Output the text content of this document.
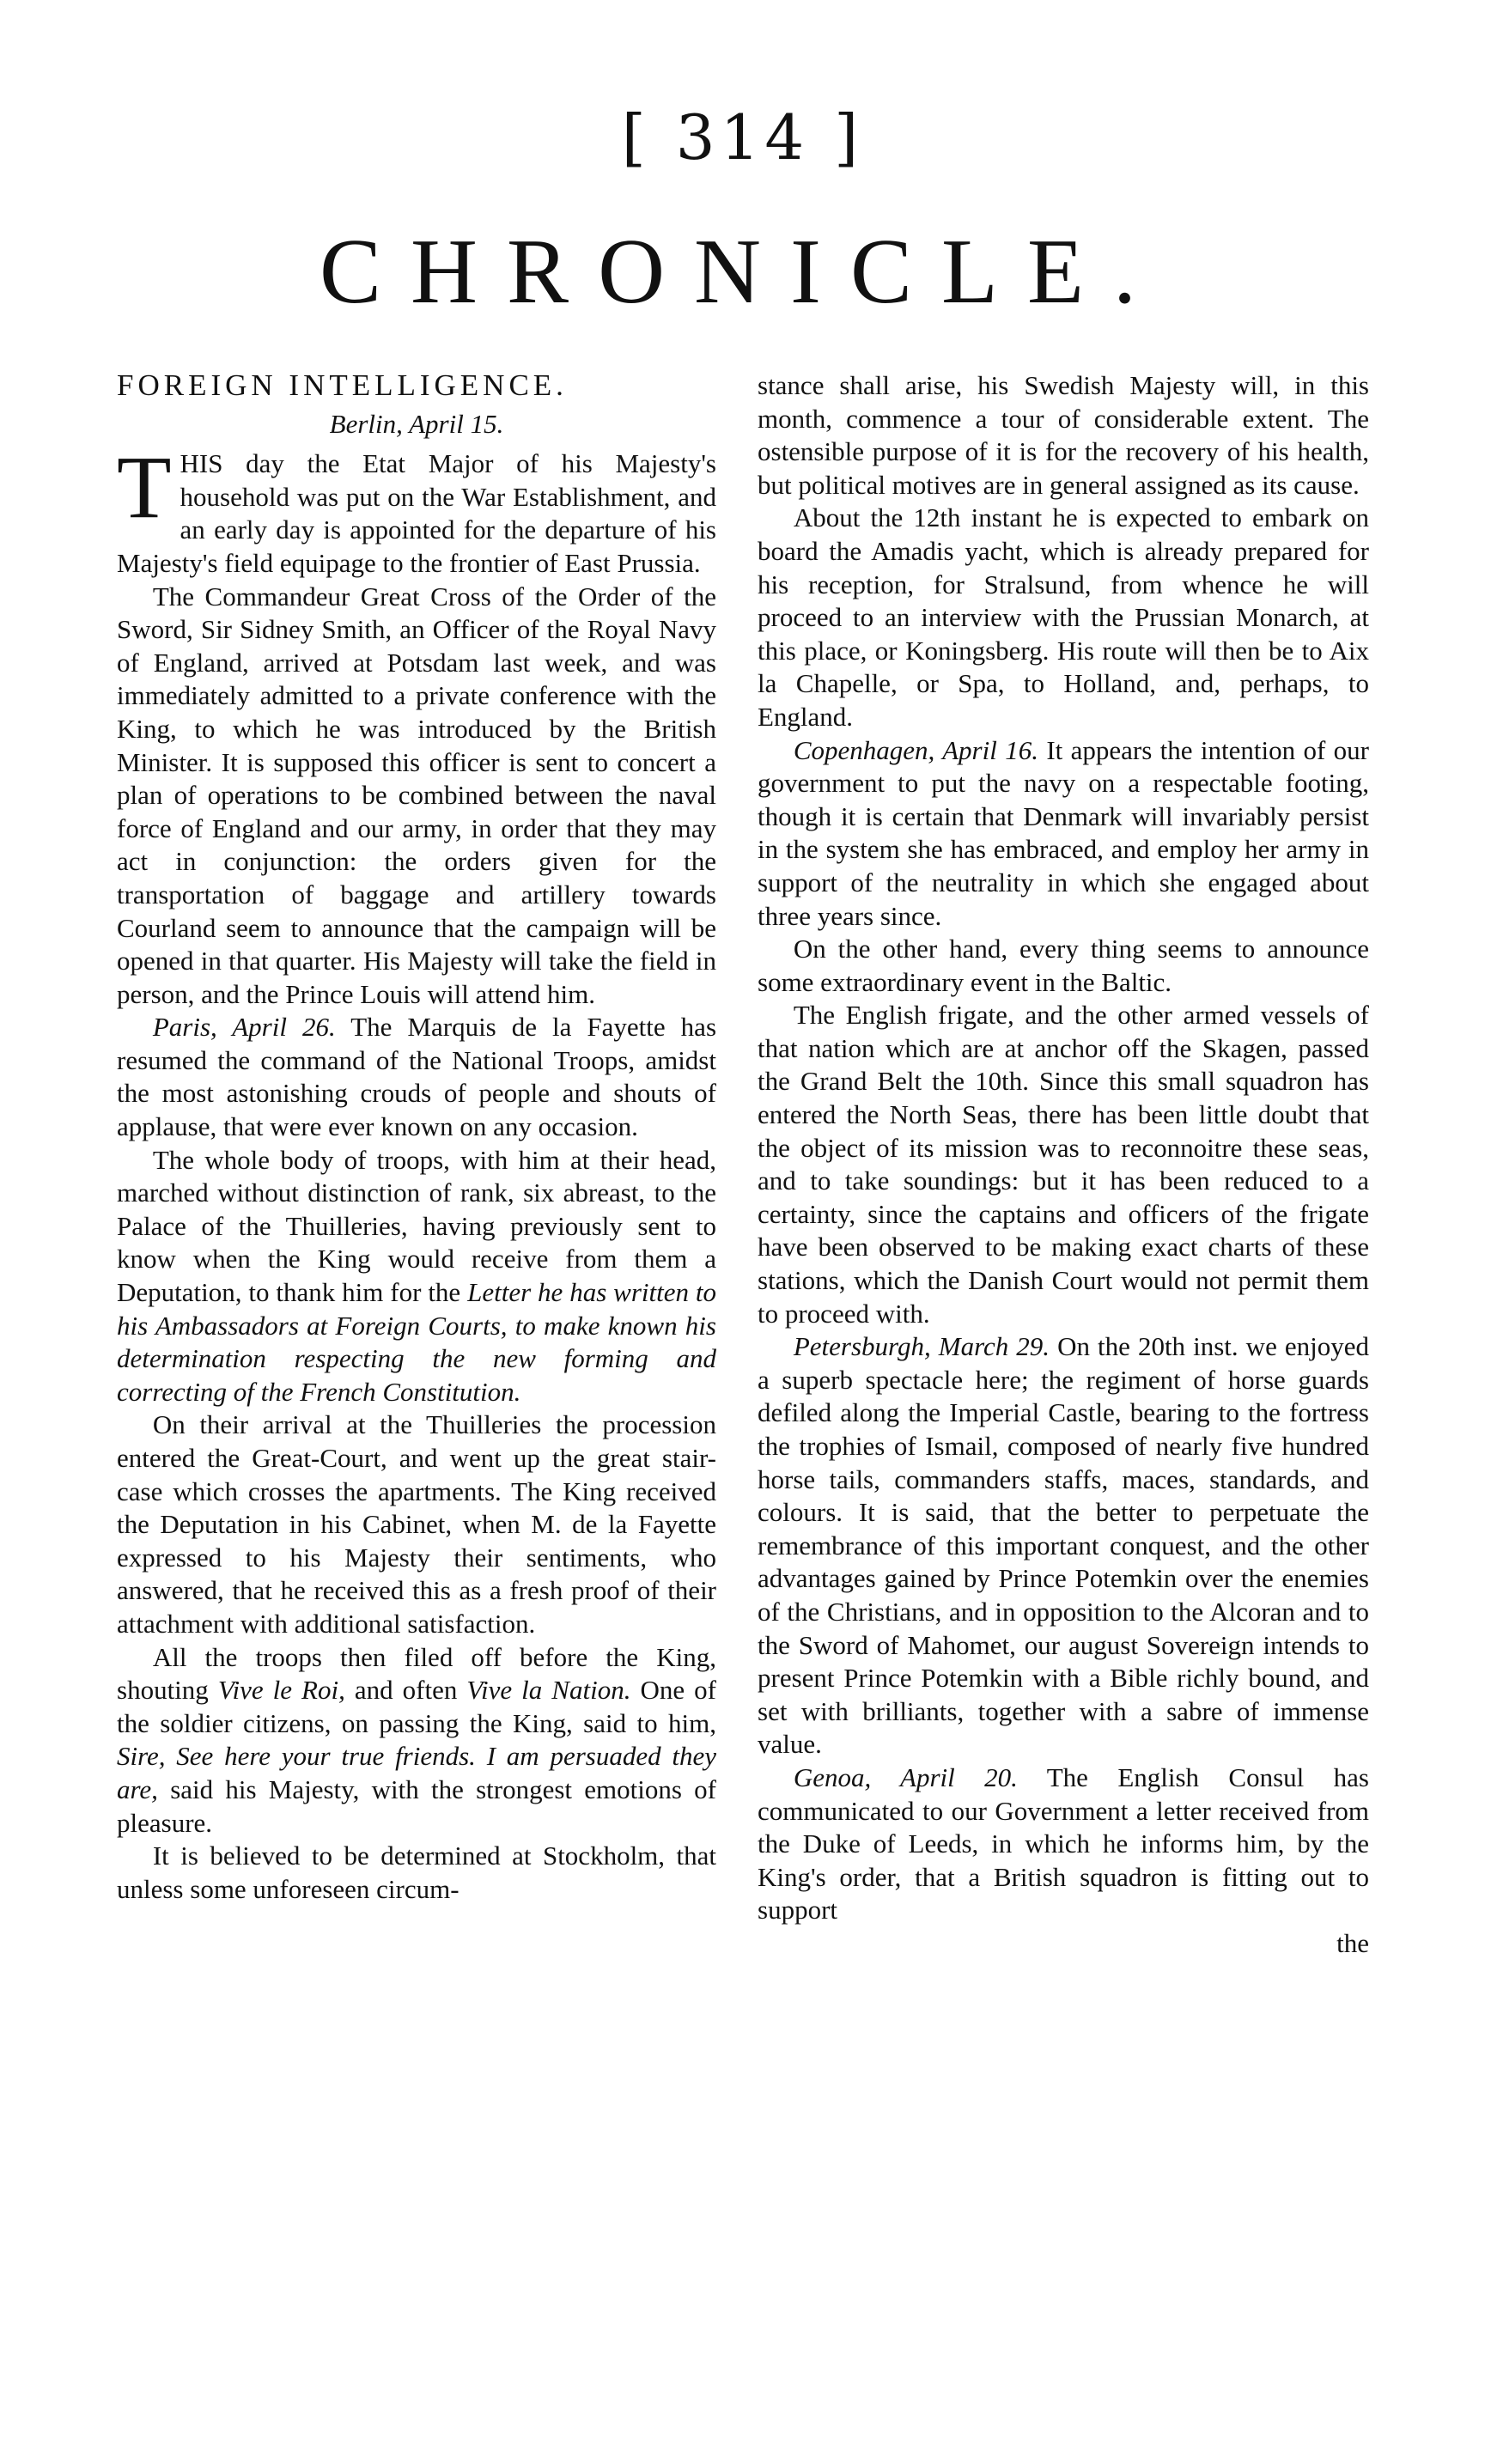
[ 314 ]
CHRONICLE.
FOREIGN INTELLIGENCE.
Berlin, April 15.

THIS day the Etat Major of his Majesty's household was put on the War Establishment, and an early day is appointed for the departure of his Majesty's field equipage to the frontier of East Prussia.

The Commandeur Great Cross of the Order of the Sword, Sir Sidney Smith, an Officer of the Royal Navy of England, arrived at Potsdam last week, and was immediately admitted to a private conference with the King, to which he was introduced by the British Minister. It is supposed this officer is sent to concert a plan of operations to be combined between the naval force of England and our army, in order that they may act in conjunction: the orders given for the transportation of baggage and artillery towards Courland seem to announce that the campaign will be opened in that quarter. His Majesty will take the field in person, and the Prince Louis will attend him.

Paris, April 26. The Marquis de la Fayette has resumed the command of the National Troops, amidst the most astonishing crouds of people and shouts of applause, that were ever known on any occasion.

The whole body of troops, with him at their head, marched without distinction of rank, six abreast, to the Palace of the Thuilleries, having previously sent to know when the King would receive from them a Deputation, to thank him for the Letter he has written to his Ambassadors at Foreign Courts, to make known his determination respecting the new forming and correcting of the French Constitution.

On their arrival at the Thuilleries the procession entered the Great-Court, and went up the great stair-case which crosses the apartments. The King received the Deputation in his Cabinet, when M. de la Fayette expressed to his Majesty their sentiments, who answered, that he received this as a fresh proof of their attachment with additional satisfaction.

All the troops then filed off before the King, shouting Vive le Roi, and often Vive la Nation. One of the soldier citizens, on passing the King, said to him, Sire, See here your true friends. I am persuaded they are, said his Majesty, with the strongest emotions of pleasure.

It is believed to be determined at Stockholm, that unless some unforeseen circum-

stance shall arise, his Swedish Majesty will, in this month, commence a tour of considerable extent. The ostensible purpose of it is for the recovery of his health, but political motives are in general assigned as its cause.

About the 12th instant he is expected to embark on board the Amadis yacht, which is already prepared for his reception, for Stralsund, from whence he will proceed to an interview with the Prussian Monarch, at this place, or Koningsberg. His route will then be to Aix la Chapelle, or Spa, to Holland, and, perhaps, to England.

Copenhagen, April 16. It appears the intention of our government to put the navy on a respectable footing, though it is certain that Denmark will invariably persist in the system she has embraced, and employ her army in support of the neutrality in which she engaged about three years since.

On the other hand, every thing seems to announce some extraordinary event in the Baltic.

The English frigate, and the other armed vessels of that nation which are at anchor off the Skagen, passed the Grand Belt the 10th. Since this small squadron has entered the North Seas, there has been little doubt that the object of its mission was to reconnoitre these seas, and to take soundings: but it has been reduced to a certainty, since the captains and officers of the frigate have been observed to be making exact charts of these stations, which the Danish Court would not permit them to proceed with.

Petersburgh, March 29. On the 20th inst. we enjoyed a superb spectacle here; the regiment of horse guards defiled along the Imperial Castle, bearing to the fortress the trophies of Ismail, composed of nearly five hundred horse tails, commanders staffs, maces, standards, and colours. It is said, that the better to perpetuate the remembrance of this important conquest, and the other advantages gained by Prince Potemkin over the enemies of the Christians, and in opposition to the Alcoran and to the Sword of Mahomet, our august Sovereign intends to present Prince Potemkin with a Bible richly bound, and set with brilliants, together with a sabre of immense value.

Genoa, April 20. The English Consul has communicated to our Government a letter received from the Duke of Leeds, in which he informs him, by the King's order, that a British squadron is fitting out to support

the
